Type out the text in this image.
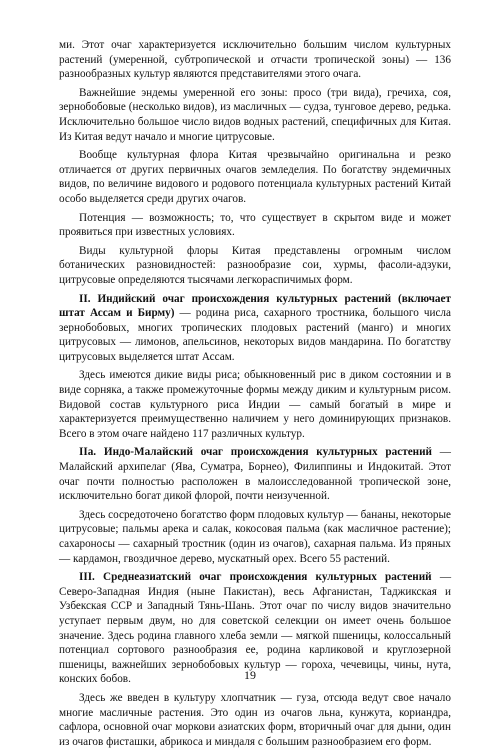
ми. Этот очаг характеризуется исключительно большим числом культурных растений (умеренной, субтропической и отчасти тропической зоны) — 136 разнообразных культур являются представителями этого очага.

Важнейшие эндемы умеренной его зоны: просо (три вида), гречиха, соя, зернобобовые (несколько видов), из масличных — судза, тунговое дерево, редька. Исключительно большое число видов водных растений, специфичных для Китая. Из Китая ведут начало и многие цитрусовые.

Вообще культурная флора Китая чрезвычайно оригинальна и резко отличается от других первичных очагов земледелия. По богатству эндемичных видов, по величине видового и родового потенциала культурных растений Китай особо выделяется среди других очагов.

Потенция — возможность; то, что существует в скрытом виде и может проявиться при известных условиях.

Виды культурной флоры Китая представлены огромным числом ботанических разновидностей: разнообразие сои, хурмы, фасоли-адзуки, цитрусовые определяются тысячами легкораспичимых форм.

II. Индийский очаг происхождения культурных растений (включает штат Ассам и Бирму) — родина риса, сахарного тростника, большого числа зернобобовых, многих тропических плодовых растений (манго) и многих цитрусовых — лимонов, апельсинов, некоторых видов мандарина. По богатству цитрусовых выделяется штат Ассам.

Здесь имеются дикие виды риса; обыкновенный рис в диком состоянии и в виде сорняка, а также промежуточные формы между диким и культурным рисом. Видовой состав культурного риса Индии — самый богатый в мире и характеризуется преимущественно наличием у него доминирующих признаков. Всего в этом очаге найдено 117 различных культур.

IIа. Индо-Малайский очаг происхождения культурных растений — Малайский архипелаг (Ява, Суматра, Борнео), Филиппины и Индокитай. Этот очаг почти полностью расположен в малоисследованной тропической зоне, исключительно богат дикой флорой, почти неизученной.

Здесь сосредоточено богатство форм плодовых культур — бананы, некоторые цитрусовые; пальмы арека и салак, кокосовая пальма (как масличное растение); сахароносы — сахарный тростник (один из очагов), сахарная пальма. Из пряных — кардамон, гвоздичное дерево, мускатный орех. Всего 55 растений.

III. Среднеазиатский очаг происхождения культурных растений — Северо-Западная Индия (ныне Пакистан), весь Афганистан, Таджикская и Узбекская ССР и Западный Тянь-Шань. Этот очаг по числу видов значительно уступает первым двум, но для советской селекции он имеет очень большое значение. Здесь родина главного хлеба земли — мягкой пшеницы, колоссальный потенциал сортового разнообразия ее, родина карликовой и круглозерной пшеницы, важнейших зернобобовых культур — гороха, чечевицы, чины, нута, конских бобов.

Здесь же введен в культуру хлопчатник — гуза, отсюда ведут свое начало многие масличные растения. Это один из очагов льна, кунжута, кориандра, сафлора, основной очаг моркови азиатских форм, вторичный очаг для дыни, один из очагов фисташки, абрикоса и миндаля с большим разнообразием его форм.

19
